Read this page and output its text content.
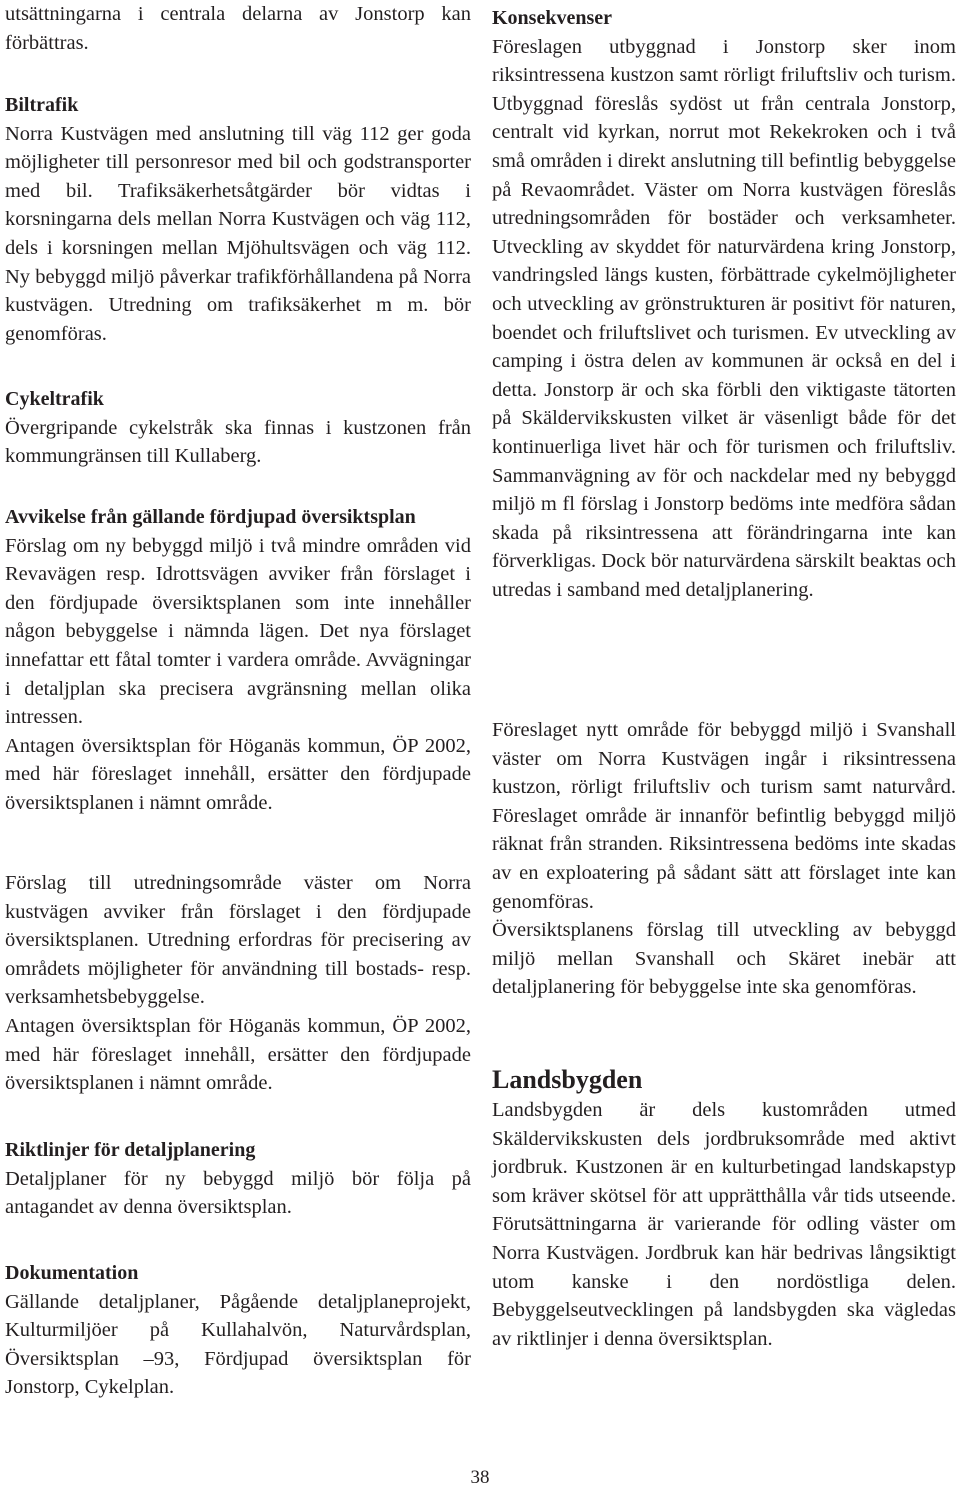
utsättningarna i centrala delarna av Jonstorp kan förbättras.

Biltrafik

Norra Kustvägen med anslutning till väg 112 ger goda möjligheter till personresor med bil och godstransporter med bil. Trafiksäkerhetsåtgärder bör vidtas i korsningarna dels mellan Norra Kustvägen och väg 112, dels i korsningen mellan Mjöhultsvägen och väg 112. Ny bebyggd miljö påverkar trafikförhållandena på Norra kustvägen. Utredning om trafiksäkerhet m m. bör genomföras.

Cykeltrafik

Övergripande cykelstråk ska finnas i kustzonen från kommungränsen till Kullaberg.

Avvikelse från gällande fördjupad översiktsplan

Förslag om ny bebyggd miljö i två mindre områden vid Revavägen resp. Idrottsvägen avviker från förslaget i den fördjupade översiktsplanen som inte innehåller någon bebyggelse i nämnda lägen. Det nya förslaget innefattar ett fåtal tomter i vardera område. Avvägningar i detaljplan ska precisera avgränsning mellan olika intressen.

Antagen översiktsplan för Höganäs kommun, ÖP 2002, med här föreslaget innehåll, ersätter den fördjupade översiktsplanen i nämnt område.

Förslag till utredningsområde väster om Norra kustvägen avviker från förslaget i den fördjupade översiktsplanen. Utredning erfordras för precisering av områdets möjligheter för användning till bostads- resp. verksamhetsbebyggelse.

Antagen översiktsplan för Höganäs kommun, ÖP 2002, med här föreslaget innehåll, ersätter den fördjupade översiktsplanen i nämnt område.

Riktlinjer för detaljplanering

Detaljplaner för ny bebyggd miljö bör följa på antagandet av denna översiktsplan.

Dokumentation

Gällande detaljplaner, Pågående detaljplaneprojekt, Kulturmiljöer på Kullahalvön, Naturvårdsplan, Översiktsplan –93, Fördjupad översiktsplan för Jonstorp, Cykelplan.

Konsekvenser

Föreslagen utbyggnad i Jonstorp sker inom riksintressena kustzon samt rörligt friluftsliv och turism. Utbyggnad föreslås sydöst ut från centrala Jonstorp, centralt vid kyrkan, norrut mot Rekekroken och i två små områden i direkt anslutning till befintlig bebyggelse på Revaområdet. Väster om Norra kustvägen föreslås utredningsområden för bostäder och verksamheter. Utveckling av skyddet för naturvärdena kring Jonstorp, vandringsled längs kusten, förbättrade cykelmöjligheter och utveckling av grönstrukturen är positivt för naturen, boendet och friluftslivet och turismen. Ev utveckling av camping i östra delen av kommunen är också en del i detta. Jonstorp är och ska förbli den viktigaste tätorten på Skäldervikskusten vilket är väsenligt både för det kontinuerliga livet här och för turismen och friluftsliv. Sammanvägning av för och nackdelar med ny bebyggd miljö m fl förslag i Jonstorp bedöms inte medföra sådan skada på riksintressena att förändringarna inte kan förverkligas. Dock bör naturvärdena särskilt beaktas och utredas i samband med detaljplanering.

Föreslaget nytt område för bebyggd miljö i Svanshall väster om Norra Kustvägen ingår i riksintressena kustzon, rörligt friluftsliv och turism samt naturvård. Föreslaget område är innanför befintlig bebyggd miljö räknat från stranden. Riksintressena bedöms inte skadas av en exploatering på sådant sätt att förslaget inte kan genomföras.

Översiktsplanens förslag till utveckling av bebyggd miljö mellan Svanshall och Skäret inebär att detaljplanering för bebyggelse inte ska genomföras.

Landsbygden

Landsbygden är dels kustområden utmed Skäldervikskusten dels jordbruksområde med aktivt jordbruk. Kustzonen är en kulturbetingad landskapstyp som kräver skötsel för att upprätthålla vår tids utseende. Förutsättningarna är varierande för odling väster om Norra Kustvägen. Jordbruk kan här bedrivas långsiktigt utom kanske i den nordöstliga delen. Bebyggelseutvecklingen på landsbygden ska vägledas av riktlinjer i denna översiktsplan.

38
